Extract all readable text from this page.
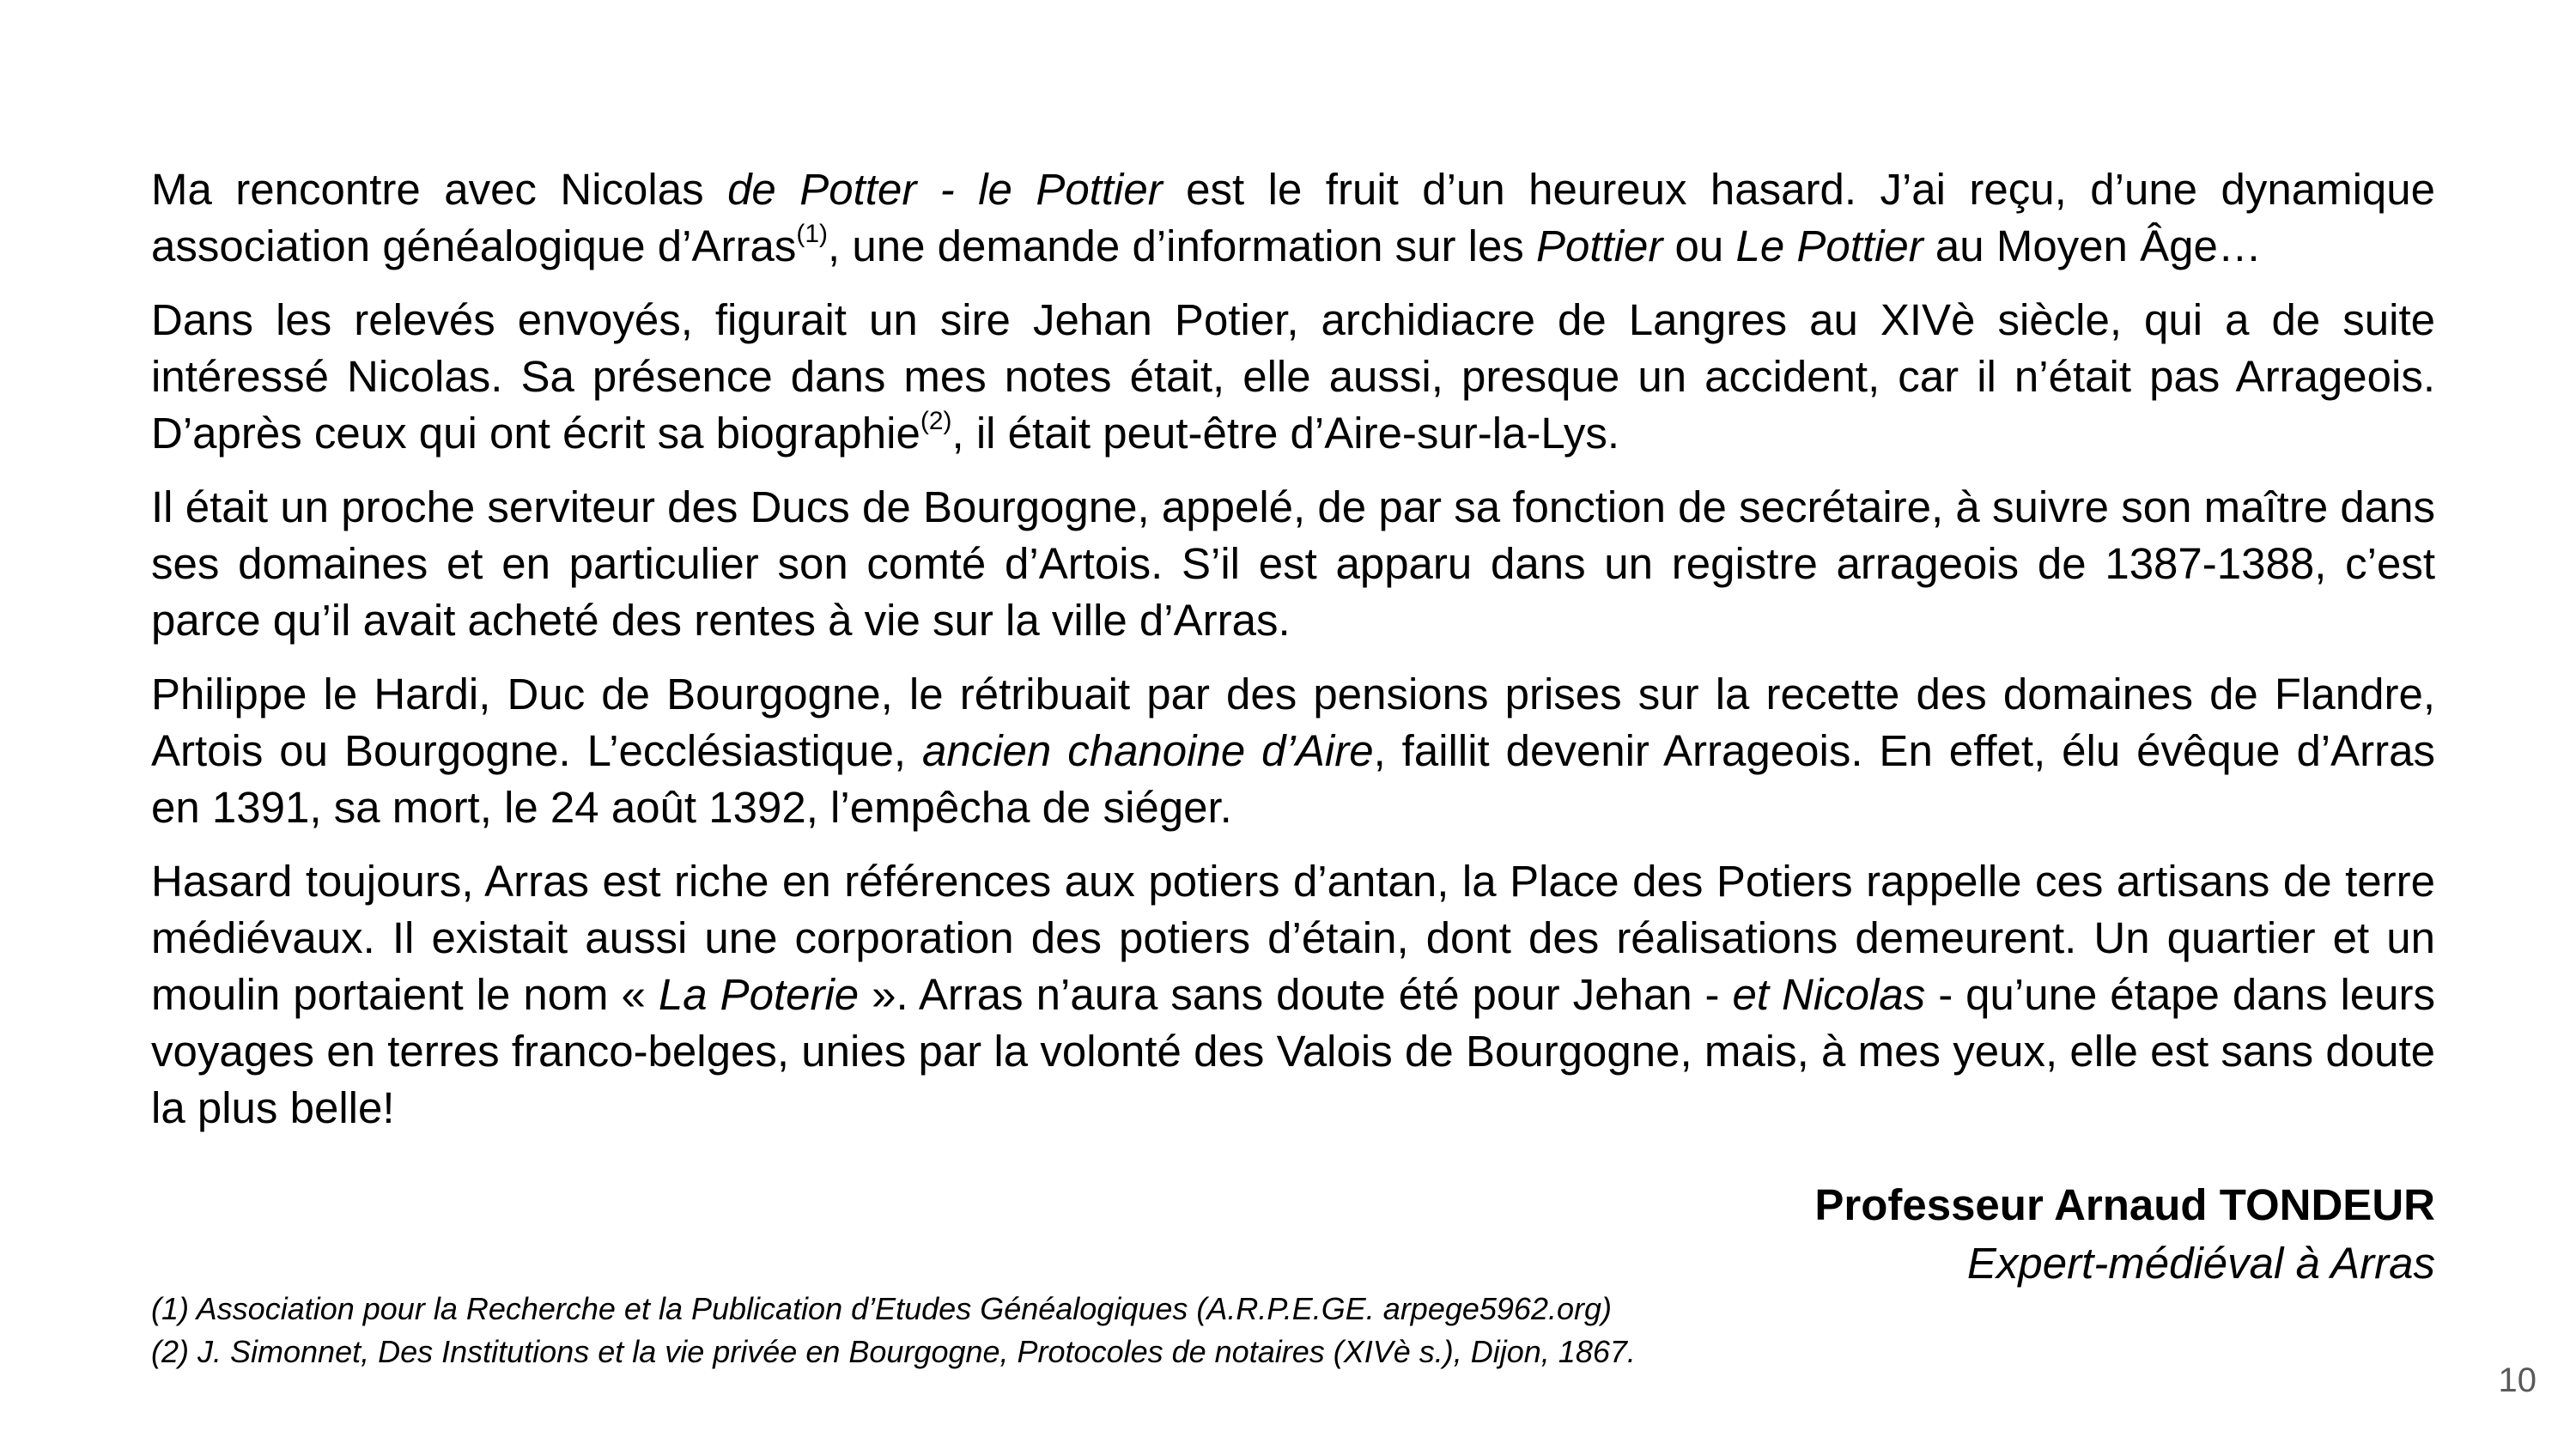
Ma rencontre avec Nicolas de Potter - le Pottier est le fruit d’un heureux hasard. J’ai reçu, d’une dynamique association généalogique d’Arras$^{(1)}$, une demande d’information sur les Pottier ou Le Pottier au Moyen Âge…

Dans les relevés envoyés, figurait un sire Jehan Potier, archidiacre de Langres au XIVè siècle, qui a de suite intéressé Nicolas. Sa présence dans mes notes était, elle aussi, presque un accident, car il n’était pas Arrageois. D’après ceux qui ont écrit sa biographie$^{(2)}$, il était peut-être d’Aire-sur-la-Lys.

Il était un proche serviteur des Ducs de Bourgogne, appelé, de par sa fonction de secrétaire, à suivre son maître dans ses domaines et en particulier son comté d’Artois. S’il est apparu dans un registre arrageois de 1387-1388, c’est parce qu’il avait acheté des rentes à vie sur la ville d’Arras.

Philippe le Hardi, Duc de Bourgogne, le rétribuait par des pensions prises sur la recette des domaines de Flandre, Artois ou Bourgogne. L’ecclésiastique, ancien chanoine d’Aire, faillit devenir Arrageois. En effet, élu évêque d’Arras en 1391, sa mort, le 24 août 1392, l’empêcha de siéger.

Hasard toujours, Arras est riche en références aux potiers d’antan, la Place des Potiers rappelle ces artisans de terre médiévaux. Il existait aussi une corporation des potiers d’étain, dont des réalisations demeurent. Un quartier et un moulin portaient le nom « La Poterie ». Arras n’aura sans doute été pour Jehan - et Nicolas - qu’une étape dans leurs voyages en terres franco-belges, unies par la volonté des Valois de Bourgogne, mais, à mes yeux, elle est sans doute la plus belle!

Professeur Arnaud TONDEUR
Expert-médiéval à Arras
(1) Association pour la Recherche et la Publication d’Etudes Généalogiques (A.R.P.E.GE. arpege5962.org)
(2) J. Simonnet, Des Institutions et la vie privée en Bourgogne, Protocoles de notaires (XIVè s.), Dijon, 1867.
10
